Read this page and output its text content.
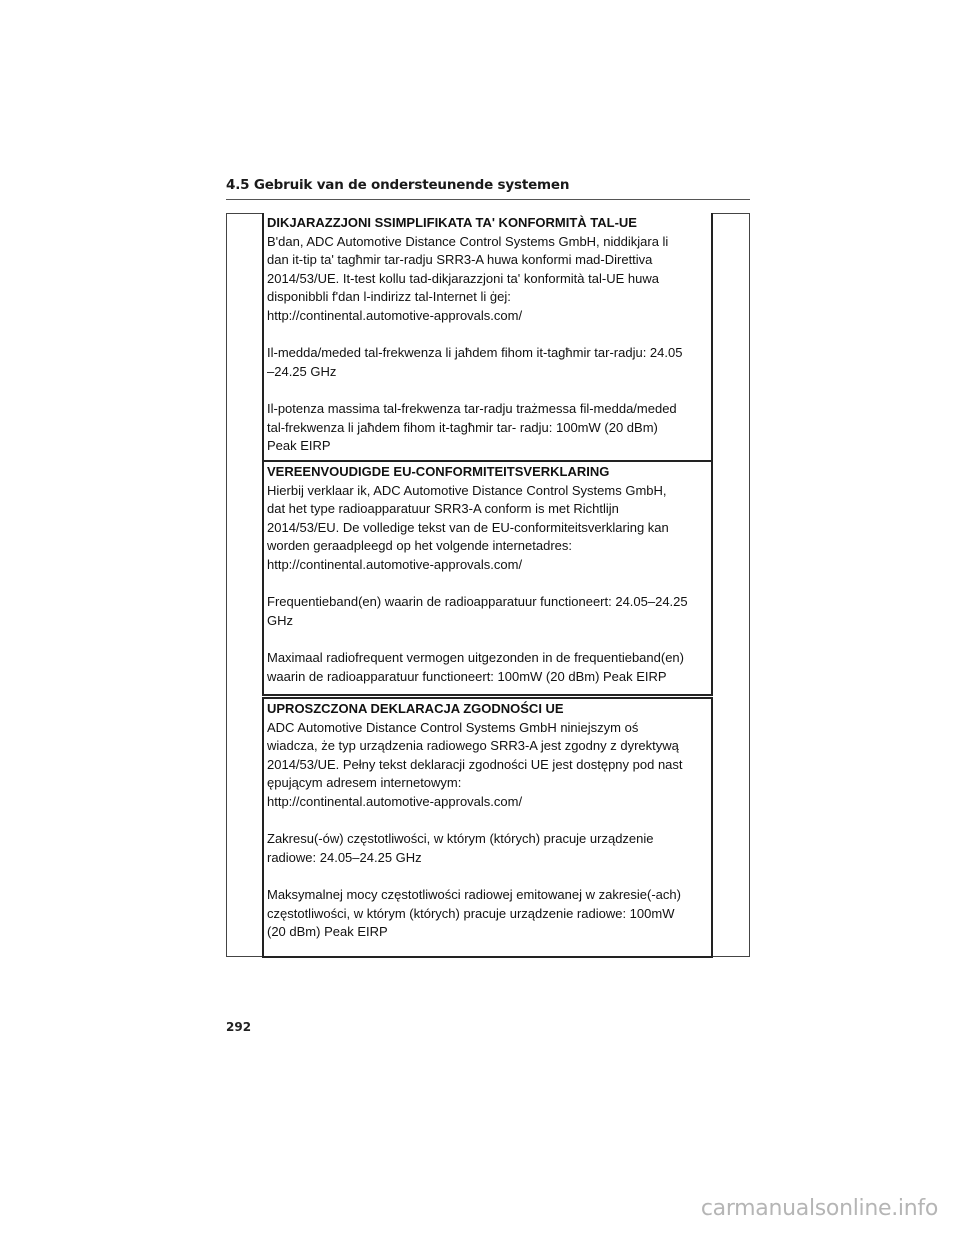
4.5 Gebruik van de ondersteunende systemen
DIKJARAZZJONI SSIMPLIFIKATA TA' KONFORMITÀ TAL-UE

B'dan, ADC Automotive Distance Control Systems GmbH, niddikjara li
dan it-tip ta' tagħmir tar-radju SRR3-A huwa konformi mad-Direttiva
2014/53/UE. It-test kollu tad-dikjarazzjoni ta' konformità tal-UE huwa
disponibbli f'dan l-indirizz tal-Internet li ġej:
http://continental.automotive-approvals.com/

Il-medda/meded tal-frekwenza li jaħdem fihom it-tagħmir tar-radju: 24.05
–24.25 GHz

Il-potenza massima tal-frekwenza tar-radju trażmessa fil-medda/meded
tal-frekwenza li jaħdem fihom it-tagħmir tar- radju: 100mW (20 dBm)
Peak EIRP

VEREENVOUDIGDE EU-CONFORMITEITSVERKLARING

Hierbij verklaar ik, ADC Automotive Distance Control Systems GmbH,
dat het type radioapparatuur SRR3-A conform is met Richtlijn
2014/53/EU. De volledige tekst van de EU-conformiteitsverklaring kan
worden geraadpleegd op het volgende internetadres:
http://continental.automotive-approvals.com/

Frequentieband(en) waarin de radioapparatuur functioneert: 24.05–24.25
GHz

Maximaal radiofrequent vermogen uitgezonden in de frequentieband(en)
waarin de radioapparatuur functioneert: 100mW (20 dBm) Peak EIRP

UPROSZCZONA DEKLARACJA ZGODNOŚCI UE

ADC Automotive Distance Control Systems GmbH niniejszym oś
wiadcza, że typ urządzenia radiowego SRR3-A jest zgodny z dyrektywą
2014/53/UE. Pełny tekst deklaracji zgodności UE jest dostępny pod nast
ępującym adresem internetowym:
http://continental.automotive-approvals.com/

Zakresu(-ów) częstotliwości, w którym (których) pracuje urządzenie
radiowe: 24.05–24.25 GHz

Maksymalnej mocy częstotliwości radiowej emitowanej w zakresie(-ach)
częstotliwości, w którym (których) pracuje urządzenie radiowe: 100mW
(20 dBm) Peak EIRP

292
carmanualsonline.info
